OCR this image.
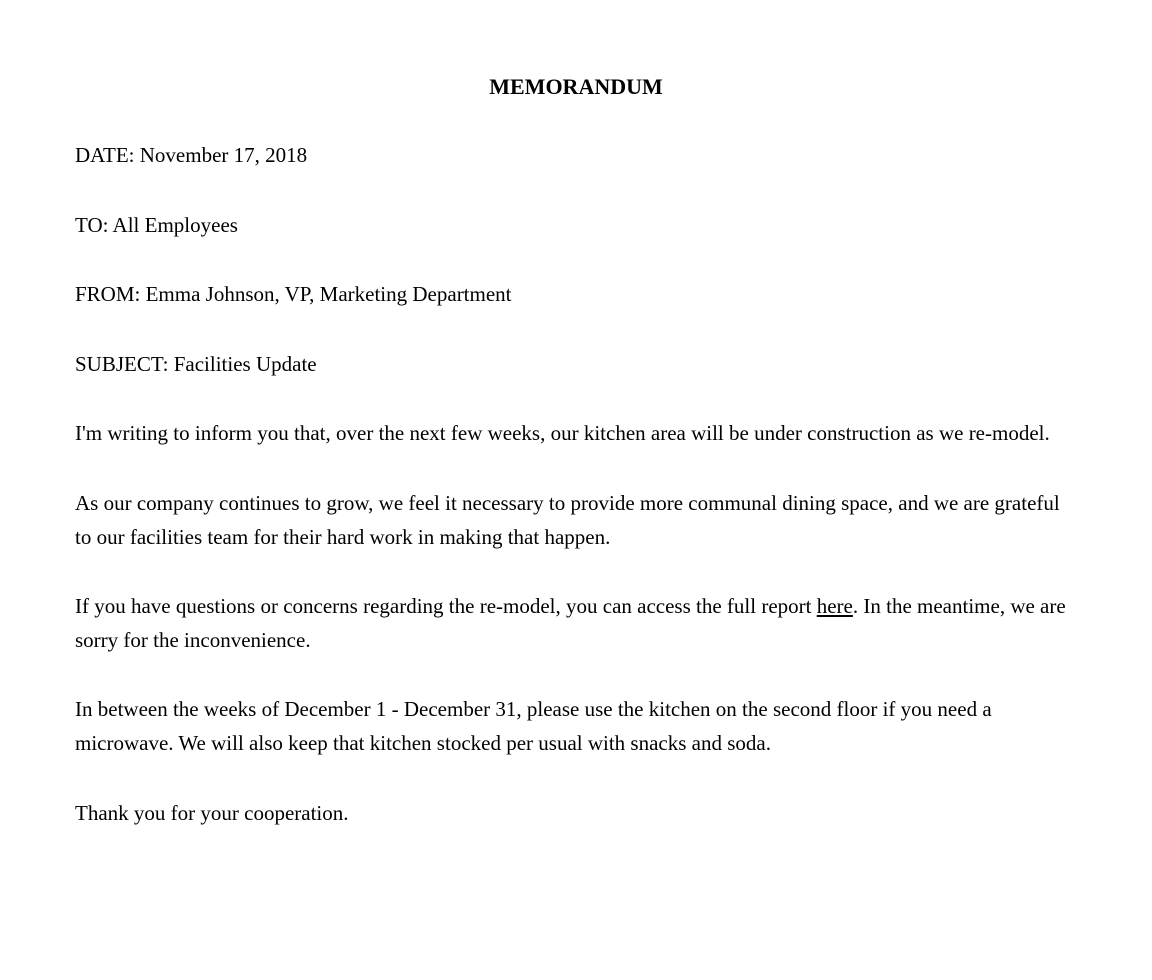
MEMORANDUM

DATE: November 17, 2018

TO: All Employees

FROM: Emma Johnson, VP, Marketing Department

SUBJECT: Facilities Update

I'm writing to inform you that, over the next few weeks, our kitchen area will be under construction as we re-model.

As our company continues to grow, we feel it necessary to provide more communal dining space, and we are grateful to our facilities team for their hard work in making that happen.

If you have questions or concerns regarding the re-model, you can access the full report here. In the meantime, we are sorry for the inconvenience.

In between the weeks of December 1 - December 31, please use the kitchen on the second floor if you need a microwave. We will also keep that kitchen stocked per usual with snacks and soda.

Thank you for your cooperation.
